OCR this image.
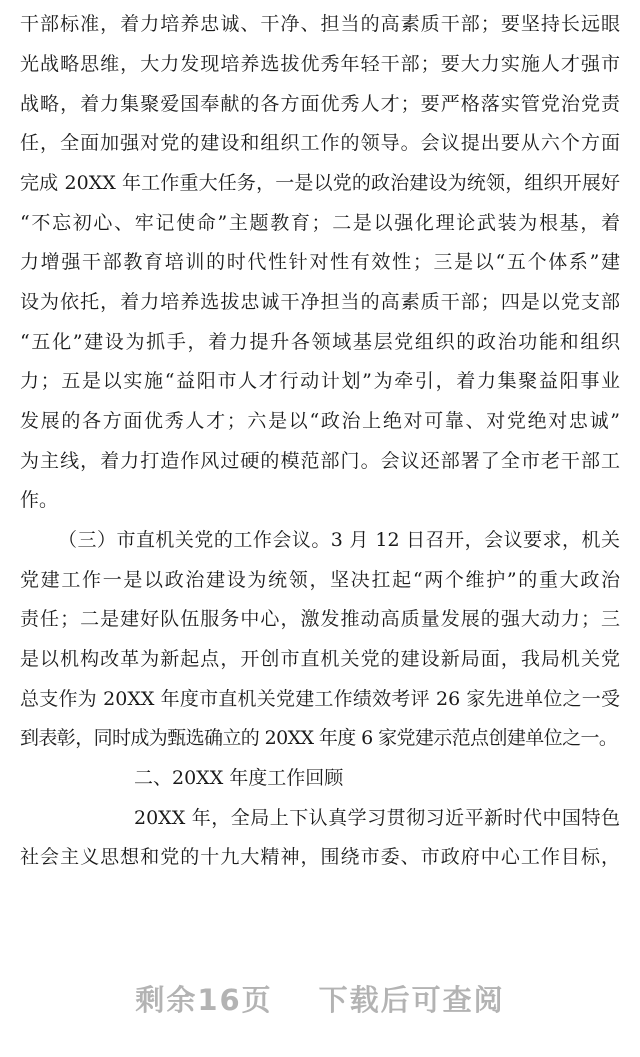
干部标准，着力培养忠诚、干净、担当的高素质干部；要坚持长远眼
光战略思维，大力发现培养选拔优秀年轻干部；要大力实施人才强市
战略，着力集聚爱国奉献的各方面优秀人才；要严格落实管党治党责
任，全面加强对党的建设和组织工作的领导。会议提出要从六个方面
完成 20XX 年工作重大任务，一是以党的政治建设为统领，组织开展好
“不忘初心、牢记使命”主题教育；二是以强化理论武装为根基，着
力增强干部教育培训的时代性针对性有效性；三是以“五个体系”建
设为依托，着力培养选拔忠诚干净担当的高素质干部；四是以党支部
“五化”建设为抓手，着力提升各领域基层党组织的政治功能和组织
力；五是以实施“益阳市人才行动计划”为牵引，着力集聚益阳事业
发展的各方面优秀人才；六是以“政治上绝对可靠、对党绝对忠诚”
为主线，着力打造作风过硬的模范部门。会议还部署了全市老干部工
作。
（三）市直机关党的工作会议。3 月 12 日召开，会议要求，机关
党建工作一是以政治建设为统领，坚决扛起“两个维护”的重大政治
责任；二是建好队伍服务中心，激发推动高质量发展的强大动力；三
是以机构改革为新起点，开创市直机关党的建设新局面，我局机关党
总支作为 20XX 年度市直机关党建工作绩效考评 26 家先进单位之一受
到表彰，同时成为甄选确立的 20XX 年度 6 家党建示范点创建单位之一。
二、20XX 年度工作回顾
20XX 年，全局上下认真学习贯彻习近平新时代中国特色
社会主义思想和党的十九大精神，围绕市委、市政府中心工作目标，
剩余16页 下载后可查阅
